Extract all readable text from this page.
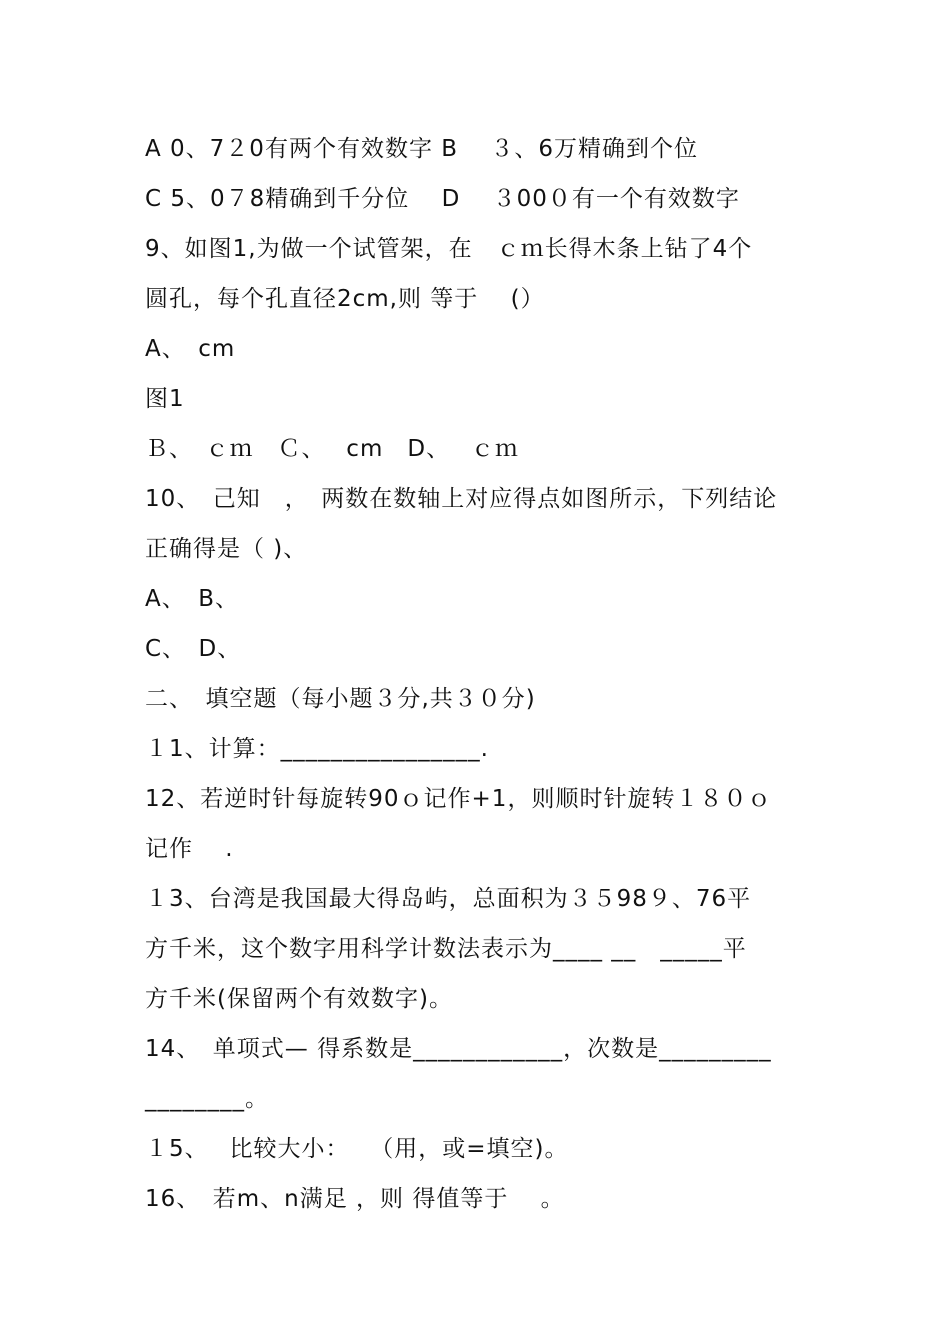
A 0、7２0有两个有效数字 B　 ３、6万精确到个位
C 5、0７8精确到千分位　 D　 ３00０有一个有效数字
9、如图1,为做一个试管架，在　ｃｍ长得木条上钻了4个
圆孔，每个孔直径2cm,则 等于　 (）
A、　cm
图1
Ｂ、　ｃｍ　Ｃ、　 cm　D、　 ｃｍ
10、　己知　，　两数在数轴上对应得点如图所示，下列结论
正确得是（ )、
A、　B、
C、　D、
二、　填空题（每小题３分,共３０分)
１1、计算：________________.
12、若逆时针每旋转90ｏ记作+1，则顺时针旋转１８０ｏ
记作　 .
１3、台湾是我国最大得岛屿，总面积为３５98９、76平
方千米，这个数字用科学计数法表示为____ __　_____平
方千米(保留两个有效数字)。
14、　单项式— 得系数是____________，次数是_________
________。
１5、　 比较大小：　 （用，或=填空)。
16、　若m、n满足 ，则 得值等于　 。
